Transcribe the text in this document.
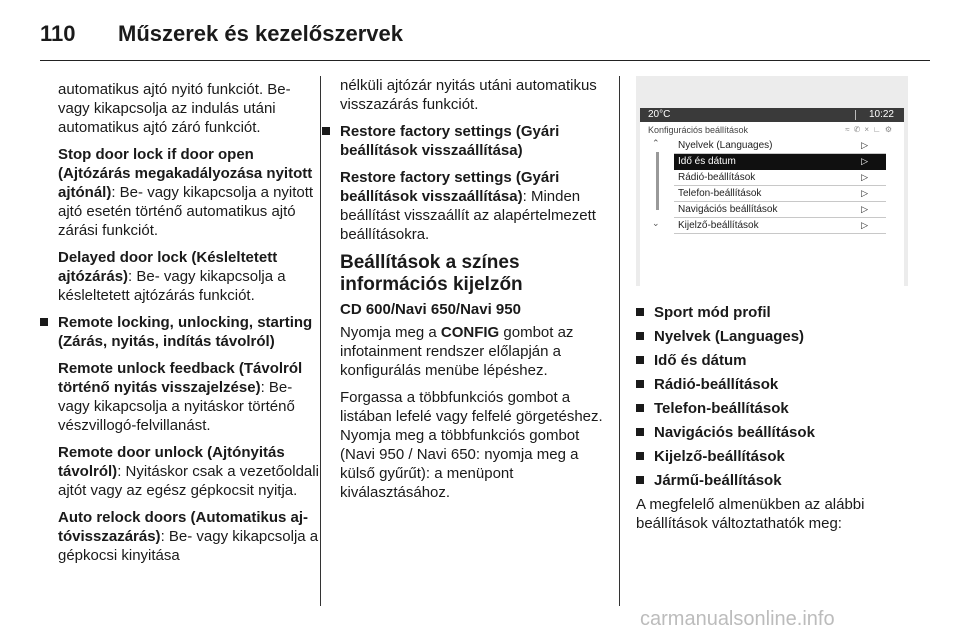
110 Műszerek és kezelőszervek

automatikus ajtó nyitó funkciót. Be- vagy kikapcsolja az indulás utáni automatikus ajtó záró funkciót.

Stop door lock if door open (Ajtózárás megakadályozása nyitott ajtónál): Be- vagy kikapcsolja a nyitott ajtó esetén történő automatikus ajtó zárási funkciót.

Delayed door lock (Késleltetett ajtózárás): Be- vagy kikapcsolja a késleltetett ajtózárás funkciót.

Remote locking, unlocking, starting (Zárás, nyitás, indítás távolról)

Remote unlock feedback (Távolról történő nyitás visszajelzése): Be- vagy kikapcsolja a nyitáskor történő vészvillogó-felvillanást.

Remote door unlock (Ajtónyitás távolról): Nyitáskor csak a vezetőoldali ajtót vagy az egész gépkocsit nyitja.

Auto relock doors (Automatikus aj- tóvisszazárás): Be- vagy kikapcsolja a gépkocsi kinyitása

nélküli ajtózár nyitás utáni automatikus visszazárás funkciót.

Restore factory settings (Gyári beállítások visszaállítása)

Restore factory settings (Gyári beállítások visszaállítása): Minden beállítást visszaállít az alapértelmezett beállításokra.

Beállítások a színes információs kijelzőn
CD 600/Navi 650/Navi 950

Nyomja meg a CONFIG gombot az infotainment rendszer előlapján a konfigurálás menübe lépéshez.

Forgassa a többfunkciós gombot a listában lefelé vagy felfelé görgetéshez. Nyomja meg a többfunkciós gombot (Navi 950 / Navi 650: nyomja meg a külső gyűrűt): a menüpont kiválasztásához.

20°C	10:22
Konfigurációs beállítások	≈✆×∟⚙
⌃
⌄
Nyelvek (Languages)	▷
Idő és dátum	▷
Rádió-beállítások	▷
Telefon-beállítások	▷
Navigációs beállítások	▷
Kijelző-beállítások	▷
Sport mód profil
Nyelvek (Languages)
Idő és dátum
Rádió-beállítások
Telefon-beállítások
Navigációs beállítások
Kijelző-beállítások
Jármű-beállítások

A megfelelő almenükben az alábbi beállítások változtathatók meg:

carmanualsonline.info
